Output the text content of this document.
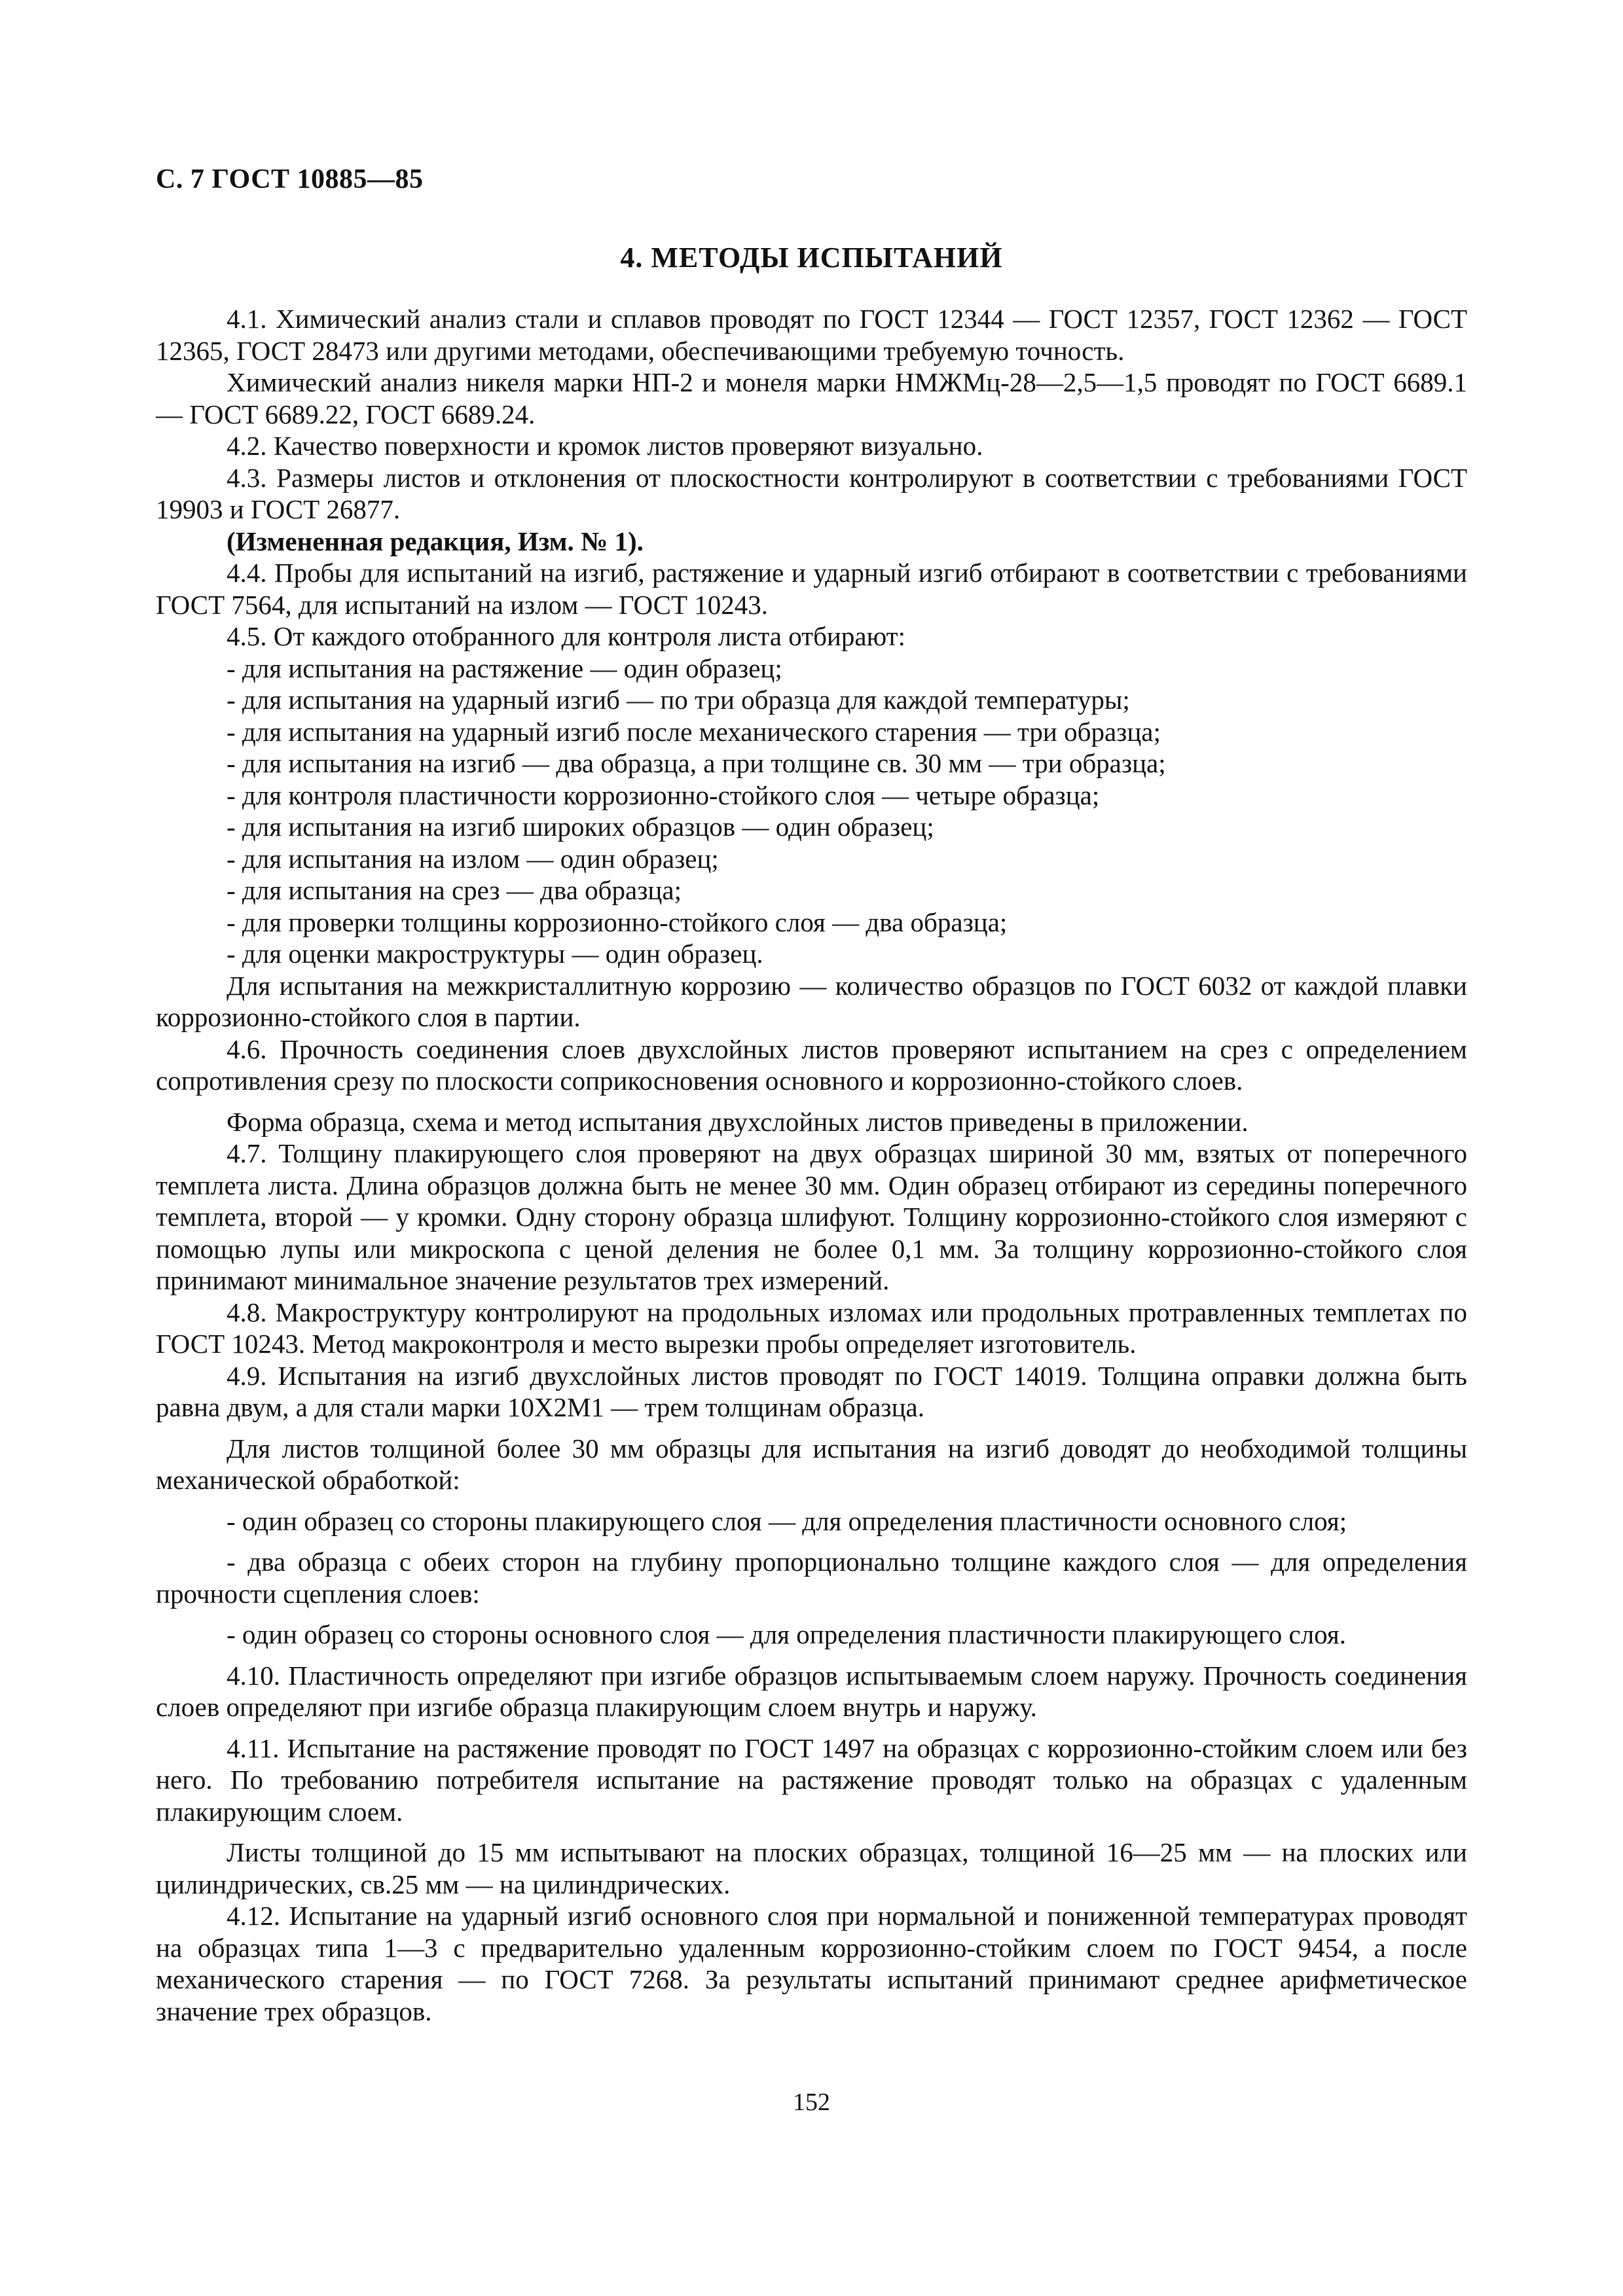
С. 7 ГОСТ 10885—85
4. МЕТОДЫ ИСПЫТАНИЙ

4.1. Химический анализ стали и сплавов проводят по ГОСТ 12344 — ГОСТ 12357, ГОСТ 12362 — ГОСТ 12365, ГОСТ 28473 или другими методами, обеспечивающими требуемую точность.

Химический анализ никеля марки НП-2 и монеля марки НМЖМц-28—2,5—1,5 проводят по ГОСТ 6689.1 — ГОСТ 6689.22, ГОСТ 6689.24.

4.2. Качество поверхности и кромок листов проверяют визуально.

4.3. Размеры листов и отклонения от плоскостности контролируют в соответствии с требованиями ГОСТ 19903 и ГОСТ 26877.

(Измененная редакция, Изм. № 1).

4.4. Пробы для испытаний на изгиб, растяжение и ударный изгиб отбирают в соответствии с требованиями ГОСТ 7564, для испытаний на излом — ГОСТ 10243.

4.5. От каждого отобранного для контроля листа отбирают:

- для испытания на растяжение — один образец;

- для испытания на ударный изгиб — по три образца для каждой температуры;

- для испытания на ударный изгиб после механического старения — три образца;

- для испытания на изгиб — два образца, а при толщине св. 30 мм — три образца;

- для контроля пластичности коррозионно-стойкого слоя — четыре образца;

- для испытания на изгиб широких образцов — один образец;

- для испытания на излом — один образец;

- для испытания на срез — два образца;

- для проверки толщины коррозионно-стойкого слоя — два образца;

- для оценки макроструктуры — один образец.

Для испытания на межкристаллитную коррозию — количество образцов по ГОСТ 6032 от каждой плавки коррозионно-стойкого слоя в партии.

4.6. Прочность соединения слоев двухслойных листов проверяют испытанием на срез с определением сопротивления срезу по плоскости соприкосновения основного и коррозионно-стойкого слоев.

Форма образца, схема и метод испытания двухслойных листов приведены в приложении.

4.7. Толщину плакирующего слоя проверяют на двух образцах шириной 30 мм, взятых от поперечного темплета листа. Длина образцов должна быть не менее 30 мм. Один образец отбирают из середины поперечного темплета, второй — у кромки. Одну сторону образца шлифуют. Толщину коррозионно-стойкого слоя измеряют с помощью лупы или микроскопа с ценой деления не более 0,1 мм. За толщину коррозионно-стойкого слоя принимают минимальное значение результатов трех измерений.

4.8. Макроструктуру контролируют на продольных изломах или продольных протравленных темплетах по ГОСТ 10243. Метод макроконтроля и место вырезки пробы определяет изготовитель.

4.9. Испытания на изгиб двухслойных листов проводят по ГОСТ 14019. Толщина оправки должна быть равна двум, а для стали марки 10Х2М1 — трем толщинам образца.

Для листов толщиной более 30 мм образцы для испытания на изгиб доводят до необходимой толщины механической обработкой:

- один образец со стороны плакирующего слоя — для определения пластичности основного слоя;

- два образца с обеих сторон на глубину пропорционально толщине каждого слоя — для определения прочности сцепления слоев:

- один образец со стороны основного слоя — для определения пластичности плакирующего слоя.

4.10. Пластичность определяют при изгибе образцов испытываемым слоем наружу. Прочность соединения слоев определяют при изгибе образца плакирующим слоем внутрь и наружу.

4.11. Испытание на растяжение проводят по ГОСТ 1497 на образцах с коррозионно-стойким слоем или без него. По требованию потребителя испытание на растяжение проводят только на образцах с удаленным плакирующим слоем.

Листы толщиной до 15 мм испытывают на плоских образцах, толщиной 16—25 мм — на плоских или цилиндрических, св.25 мм — на цилиндрических.

4.12. Испытание на ударный изгиб основного слоя при нормальной и пониженной температурах проводят на образцах типа 1—3 с предварительно удаленным коррозионно-стойким слоем по ГОСТ 9454, а после механического старения — по ГОСТ 7268. За результаты испытаний принимают среднее арифметическое значение трех образцов.

152
